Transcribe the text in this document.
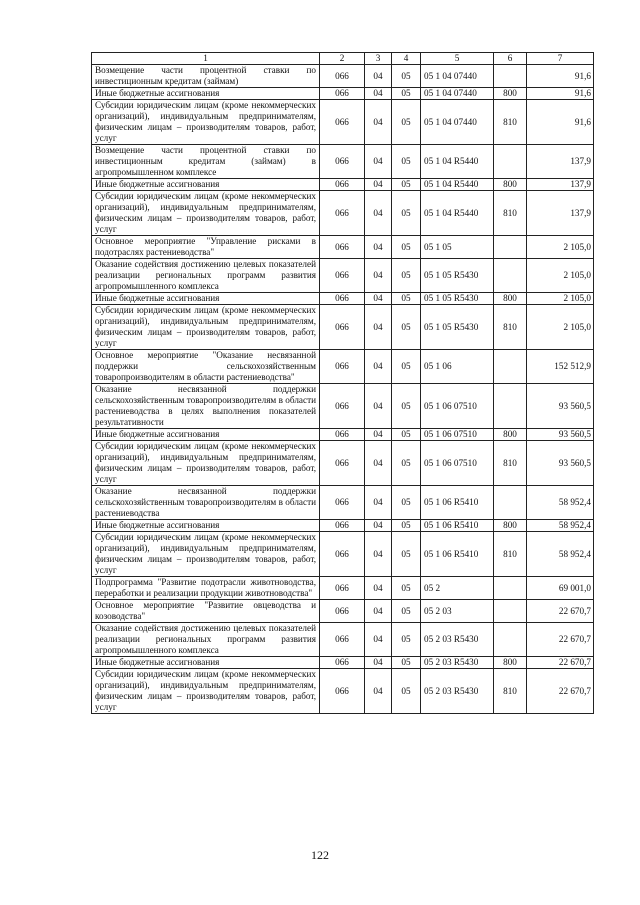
1	2	3	4	5	6	7
Возмещение части процентной ставки по инвестиционным кредитам (займам)	066	04	05	05 1 04 07440		91,6
Иные бюджетные ассигнования	066	04	05	05 1 04 07440	800	91,6
Субсидии юридическим лицам (кроме некоммерческих организаций), индивидуальным предпринимателям, физическим лицам – производителям товаров, работ, услуг	066	04	05	05 1 04 07440	810	91,6
Возмещение части процентной ставки по инвестиционным кредитам (займам) в агропромышленном комплексе	066	04	05	05 1 04 R5440		137,9
Иные бюджетные ассигнования	066	04	05	05 1 04 R5440	800	137,9
Субсидии юридическим лицам (кроме некоммерческих организаций), индивидуальным предпринимателям, физическим лицам – производителям товаров, работ, услуг	066	04	05	05 1 04 R5440	810	137,9
Основное мероприятие "Управление рисками в подотраслях растениеводства"	066	04	05	05 1 05		2 105,0
Оказание содействия достижению целевых показателей реализации региональных программ развития агропромышленного комплекса	066	04	05	05 1 05 R5430		2 105,0
Иные бюджетные ассигнования	066	04	05	05 1 05 R5430	800	2 105,0
Субсидии юридическим лицам (кроме некоммерческих организаций), индивидуальным предпринимателям, физическим лицам – производителям товаров, работ, услуг	066	04	05	05 1 05 R5430	810	2 105,0
Основное мероприятие "Оказание несвязанной поддержки сельскохозяйственным товаропроизводителям в области растениеводства"	066	04	05	05 1 06		152 512,9
Оказание несвязанной поддержки сельскохозяйственным товаропроизводителям в области растениеводства в целях выполнения показателей результативности	066	04	05	05 1 06 07510		93 560,5
Иные бюджетные ассигнования	066	04	05	05 1 06 07510	800	93 560,5
Субсидии юридическим лицам (кроме некоммерческих организаций), индивидуальным предпринимателям, физическим лицам – производителям товаров, работ, услуг	066	04	05	05 1 06 07510	810	93 560,5
Оказание несвязанной поддержки сельскохозяйственным товаропроизводителям в области растениеводства	066	04	05	05 1 06 R5410		58 952,4
Иные бюджетные ассигнования	066	04	05	05 1 06 R5410	800	58 952,4
Субсидии юридическим лицам (кроме некоммерческих организаций), индивидуальным предпринимателям, физическим лицам – производителям товаров, работ, услуг	066	04	05	05 1 06 R5410	810	58 952,4
Подпрограмма "Развитие подотрасли животноводства, переработки и реализации продукции животноводства"	066	04	05	05 2		69 001,0
Основное мероприятие "Развитие овцеводства и козоводства"	066	04	05	05 2 03		22 670,7
Оказание содействия достижению целевых показателей реализации региональных программ развития агропромышленного комплекса	066	04	05	05 2 03 R5430		22 670,7
Иные бюджетные ассигнования	066	04	05	05 2 03 R5430	800	22 670,7
Субсидии юридическим лицам (кроме некоммерческих организаций), индивидуальным предпринимателям, физическим лицам – производителям товаров, работ, услуг	066	04	05	05 2 03 R5430	810	22 670,7
122
